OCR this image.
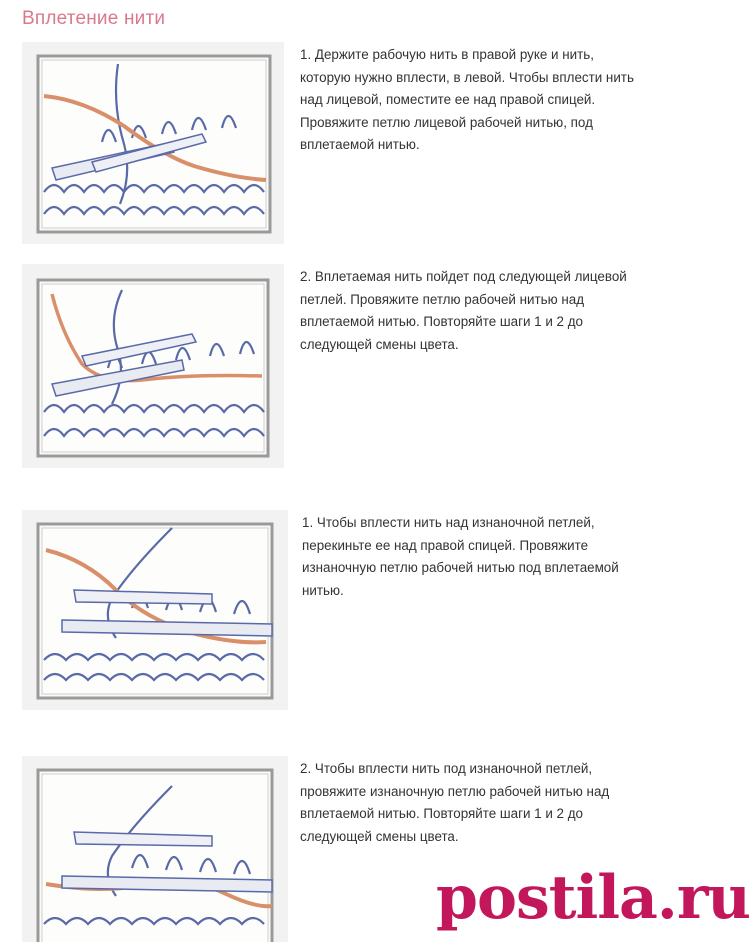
Вплетение нити
1. Держите рабочую нить в правой руке и нить, которую нужно вплести, в левой. Чтобы вплести нить над лицевой, поместите ее над правой спицей. Провяжите петлю лицевой рабочей нитью, под вплетаемой нитью.
2. Вплетаемая нить пойдет под следующей лицевой петлей. Провяжите петлю рабочей нитью над вплетаемой нитью. Повторяйте шаги 1 и 2 до следующей смены цвета.
1. Чтобы вплести нить над изнаночной петлей, перекиньте ее над правой спицей. Провяжите изнаночную петлю рабочей нитью под вплетаемой нитью.
2. Чтобы вплести нить под изнаночной петлей, провяжите изнаночную петлю рабочей нитью над вплетаемой нитью. Повторяйте шаги 1 и 2 до следующей смены цвета.
postila.ru
